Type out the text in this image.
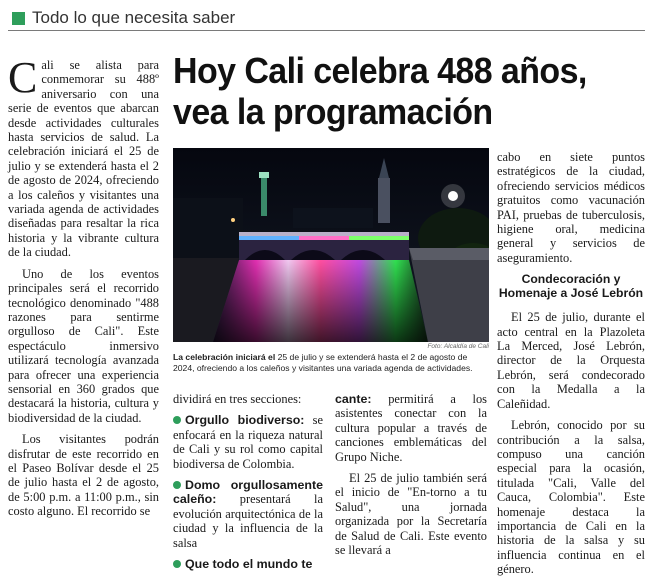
Todo lo que necesita saber

Cali se alista para conmemorar su 488º aniversario con una serie de eventos que abarcan desde actividades culturales hasta servicios de salud. La celebración iniciará el 25 de julio y se extenderá hasta el 2 de agosto de 2024, ofreciendo a los caleños y visitantes una variada agenda de actividades diseñadas para resaltar la rica historia y la vibrante cultura de la ciudad.

Uno de los eventos principales será el recorrido tecnológico denominado "488 razones para sentirme orgulloso de Cali". Este espectáculo inmersivo utilizará tecnología avanzada para ofrecer una experiencia sensorial en 360 grados que destacará la historia, cultura y biodiversidad de la ciudad.

Los visitantes podrán disfrutar de este recorrido en el Paseo Bolívar desde el 25 de julio hasta el 2 de agosto, de 5:00 p.m. a 11:00 p.m., sin costo alguno. El recorrido se

Hoy Cali celebra 488 años, vea la programación
Foto: Alcaldía de Cali
La celebración iniciará el 25 de julio y se extenderá hasta el 2 de agosto de 2024, ofreciendo a los caleños y visitantes una variada agenda de actividades.

dividirá en tres secciones:

Orgullo biodiverso: se enfocará en la riqueza natural de Cali y su rol como capital biodiversa de Colombia.

Domo orgullosamente caleño: presentará la evolución arquitectónica de la ciudad y la influencia de la salsa

Que todo el mundo te

cante: permitirá a los asistentes conectar con la cultura popular a través de canciones emblemáticas del Grupo Niche.

El 25 de julio también será el inicio de "En-torno a tu Salud", una jornada organizada por la Secretaría de Salud de Cali. Este evento se llevará a

cabo en siete puntos estratégicos de la ciudad, ofreciendo servicios médicos gratuitos como vacunación PAI, pruebas de tuberculosis, higiene oral, medicina general y servicios de aseguramiento.

Condecoración y Homenaje a José Lebrón

El 25 de julio, durante el acto central en la Plazoleta La Merced, José Lebrón, director de la Orquesta Lebrón, será condecorado con la Medalla a la Caleñidad.

Lebrón, conocido por su contribución a la salsa, compuso una canción especial para la ocasión, titulada "Cali, Valle del Cauca, Colombia". Este homenaje destaca la importancia de Cali en la historia de la salsa y su influencia continua en el género.
